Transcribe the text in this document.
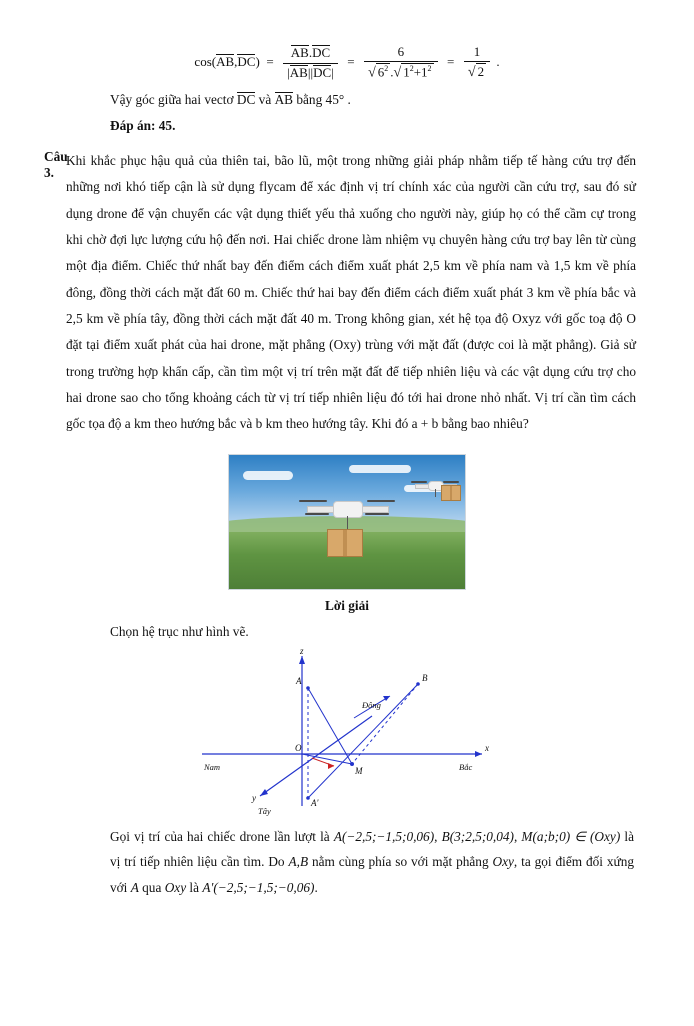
$\cos(AB,DC) = \frac{AB.DC}{|AB||DC|} = \frac{6}{√ 6^2 .√ 1^2+1^2} = \frac{1}{√ 2}$ .
Vậy góc giữa hai vectơ DC và AB bằng 45° .
Đáp án: 45.
Câu 3.
Khi khắc phục hậu quả của thiên tai, bão lũ, một trong những giải pháp nhằm tiếp tế hàng cứu trợ đến những nơi khó tiếp cận là sử dụng flycam để xác định vị trí chính xác của người cần cứu trợ, sau đó sử dụng drone để vận chuyển các vật dụng thiết yếu thả xuống cho người này, giúp họ có thể cầm cự trong khi chờ đợi lực lượng cứu hộ đến nơi. Hai chiếc drone làm nhiệm vụ chuyên hàng cứu trợ bay lên từ cùng một địa điểm. Chiếc thứ nhất bay đến điểm cách điểm xuất phát 2,5 km về phía nam và 1,5 km về phía đông, đồng thời cách mặt đất 60 m. Chiếc thứ hai bay đến điểm cách điểm xuất phát 3 km về phía bắc và 2,5 km về phía tây, đồng thời cách mặt đất 40 m. Trong không gian, xét hệ tọa độ Oxyz với gốc toạ độ O đặt tại điểm xuất phát của hai drone, mặt phẳng (Oxy) trùng với mặt đất (được coi là mặt phẳng). Giả sử trong trường hợp khẩn cấp, cần tìm một vị trí trên mặt đất để tiếp nhiên liệu và các vật dụng cứu trợ cho hai drone sao cho tổng khoảng cách từ vị trí tiếp nhiên liệu đó tới hai drone nhỏ nhất. Vị trí cần tìm cách gốc tọa độ a km theo hướng bắc và b km theo hướng tây. Khi đó a + b bằng bao nhiêu?
Lời giải
Chọn hệ trục như hình vẽ.
z
x
y
O
A	B
M
A'
Nam	Bắc
Tây
Đông
Gọi vị trí của hai chiếc drone lần lượt là A(−2,5;−1,5;0,06), B(3;2,5;0,04), M(a;b;0) ∈ (Oxy) là vị trí tiếp nhiên liệu cần tìm. Do A,B nằm cùng phía so với mặt phẳng Oxy, ta gọi điểm đối xứng với A qua Oxy là A'(−2,5;−1,5;−0,06).
